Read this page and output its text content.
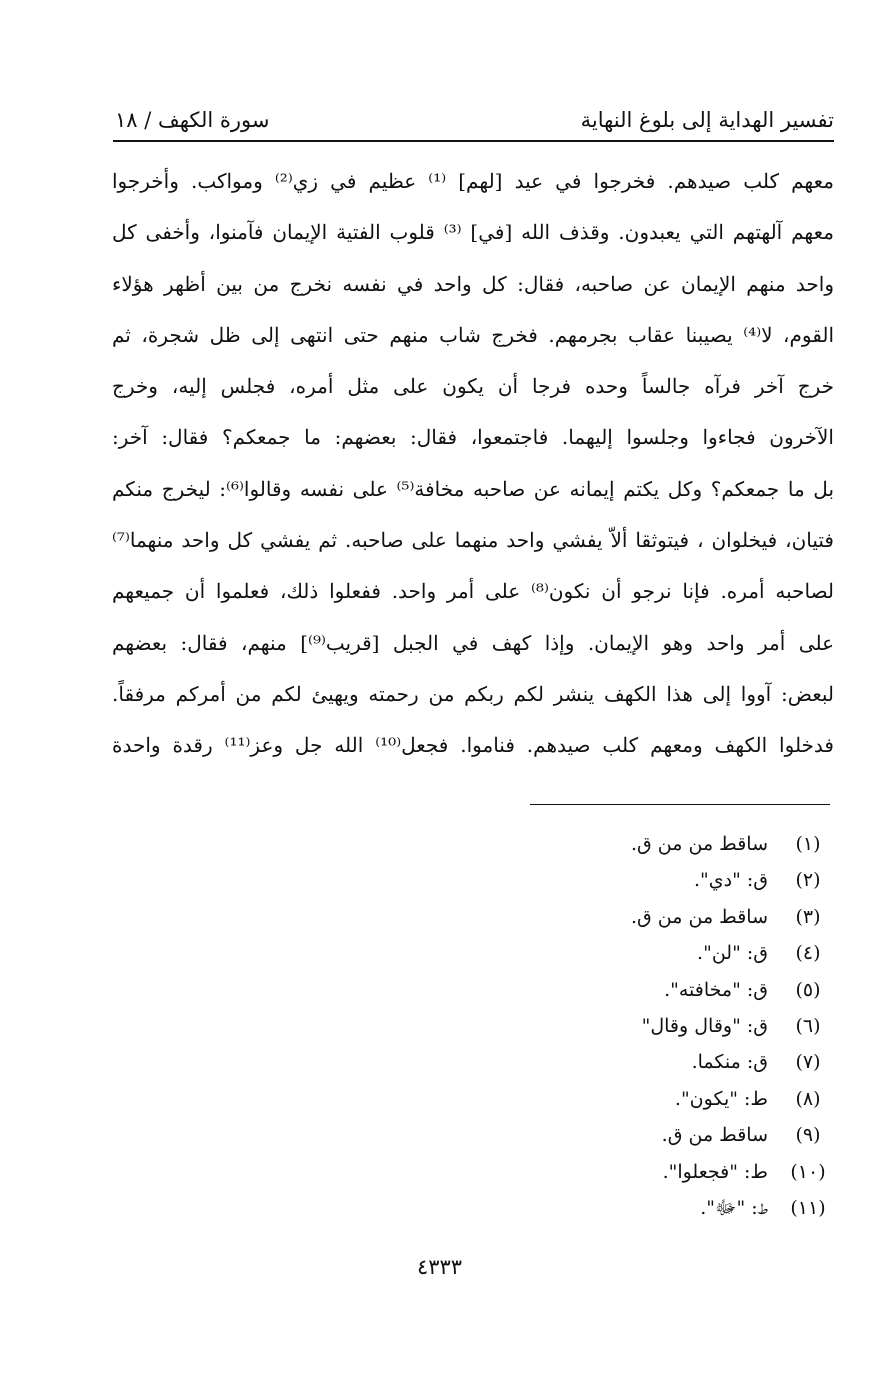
تفسير الهداية إلى بلوغ النهاية
سورة الكهف / ١٨
معهم كلب صيدهم. فخرجوا في عيد [لهم] ⁽¹⁾ عظيم في زي⁽²⁾ ومواكب. وأخرجوا
معهم آلهتهم التي يعبدون. وقذف الله [في] ⁽³⁾ قلوب الفتية الإيمان فآمنوا، وأخفى كل
واحد منهم الإيمان عن صاحبه، فقال: كل واحد في نفسه نخرج من بين أظهر هؤلاء
القوم، لا⁽⁴⁾ يصيبنا عقاب بجرمهم. فخرج شاب منهم حتى انتهى إلى ظل شجرة، ثم
خرج آخر فرآه جالساً وحده فرجا أن يكون على مثل أمره، فجلس إليه، وخرج
الآخرون فجاءوا وجلسوا إليهما. فاجتمعوا، فقال: بعضهم: ما جمعكم؟ فقال: آخر:
بل ما جمعكم؟ وكل يكتم إيمانه عن صاحبه مخافة⁽⁵⁾ على نفسه وقالوا⁽⁶⁾: ليخرج منكم
فتيان، فيخلوان ، فيتوثقا ألاّ يفشي واحد منهما على صاحبه. ثم يفشي كل واحد منهما⁽⁷⁾
لصاحبه أمره. فإنا نرجو أن نكون⁽⁸⁾ على أمر واحد. ففعلوا ذلك، فعلموا أن جميعهم
على أمر واحد وهو الإيمان. وإذا كهف في الجبل [قريب⁽⁹⁾] منهم، فقال: بعضهم
لبعض: آووا إلى هذا الكهف ينشر لكم ربكم من رحمته ويهيئ لكم من أمركم مرفقاً.
فدخلوا الكهف ومعهم كلب صيدهم. فناموا. فجعل⁽¹⁰⁾ الله جل وعز⁽¹¹⁾ رقدة واحدة
(١)
ساقط من من ق.
(٢)
ق: "دي".
(٣)
ساقط من من ق.
(٤)
ق: "لن".
(٥)
ق: "مخافته".
(٦)
ق: "وقال وقال"
(٧)
ق: منكما.
(٨)
ط: "يكون".
(٩)
ساقط من ق.
(١٠)
ط: "فجعلوا".
(١١)
ط: "ﷻ".
٤٣٣٣
